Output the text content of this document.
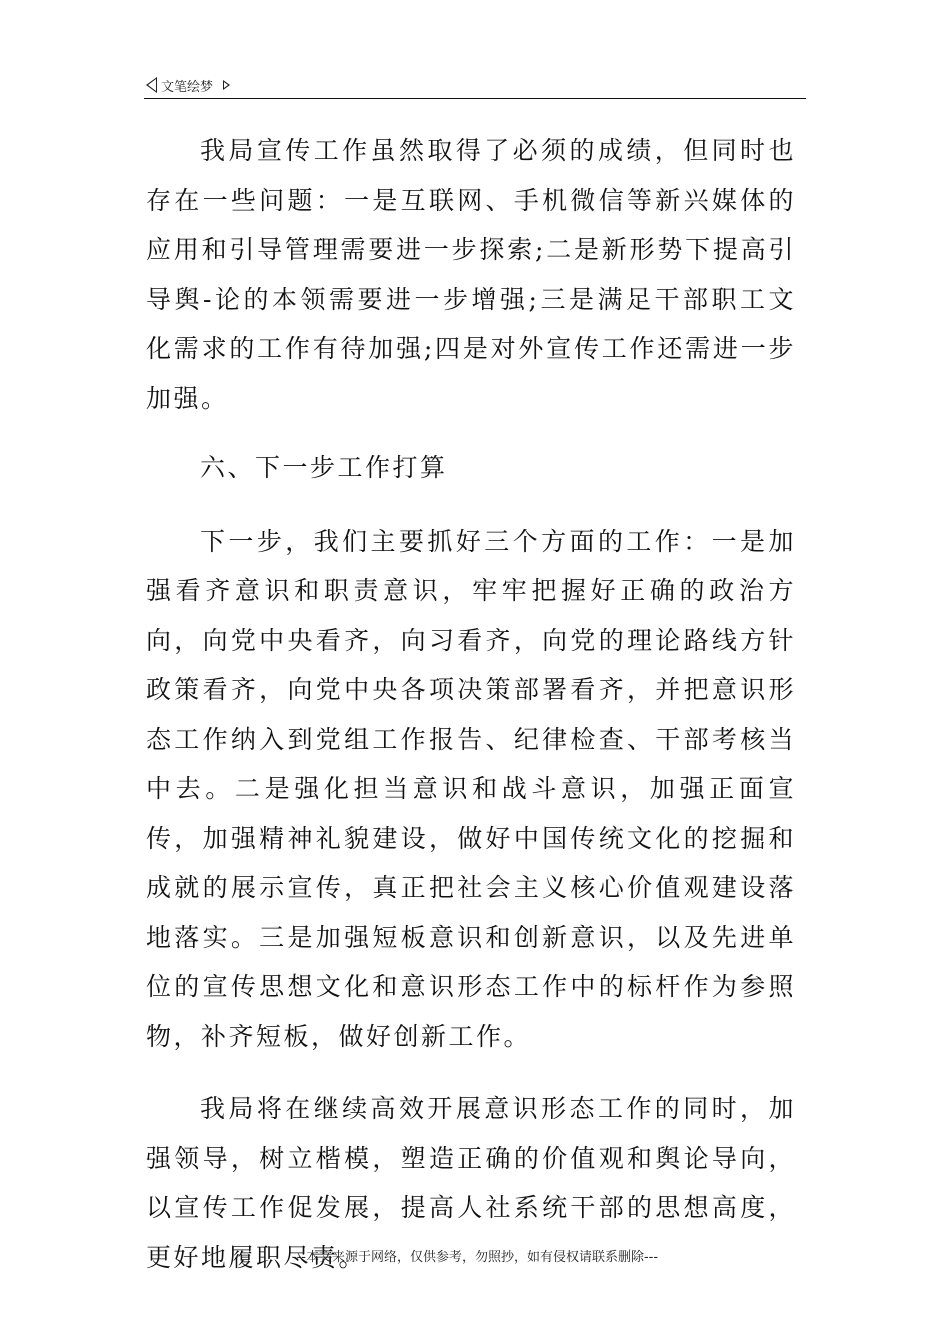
文笔绘梦

我局宣传工作虽然取得了必须的成绩，但同时也存在一些问题：一是互联网、手机微信等新兴媒体的应用和引导管理需要进一步探索;二是新形势下提高引导舆-论的本领需要进一步增强;三是满足干部职工文化需求的工作有待加强;四是对外宣传工作还需进一步加强。

六、下一步工作打算

下一步，我们主要抓好三个方面的工作：一是加强看齐意识和职责意识，牢牢把握好正确的政治方向，向党中央看齐，向习看齐，向党的理论路线方针政策看齐，向党中央各项决策部署看齐，并把意识形态工作纳入到党组工作报告、纪律检查、干部考核当中去。二是强化担当意识和战斗意识，加强正面宣传，加强精神礼貌建设，做好中国传统文化的挖掘和成就的展示宣传，真正把社会主义核心价值观建设落地落实。三是加强短板意识和创新意识，以及先进单位的宣传思想文化和意识形态工作中的标杆作为参照物，补齐短板，做好创新工作。

我局将在继续高效开展意识形态工作的同时，加强领导，树立楷模，塑造正确的价值观和舆论导向，以宣传工作促发展，提高人社系统干部的思想高度，更好地履职尽责。

---本文来源于网络，仅供参考，勿照抄，如有侵权请联系删除---
